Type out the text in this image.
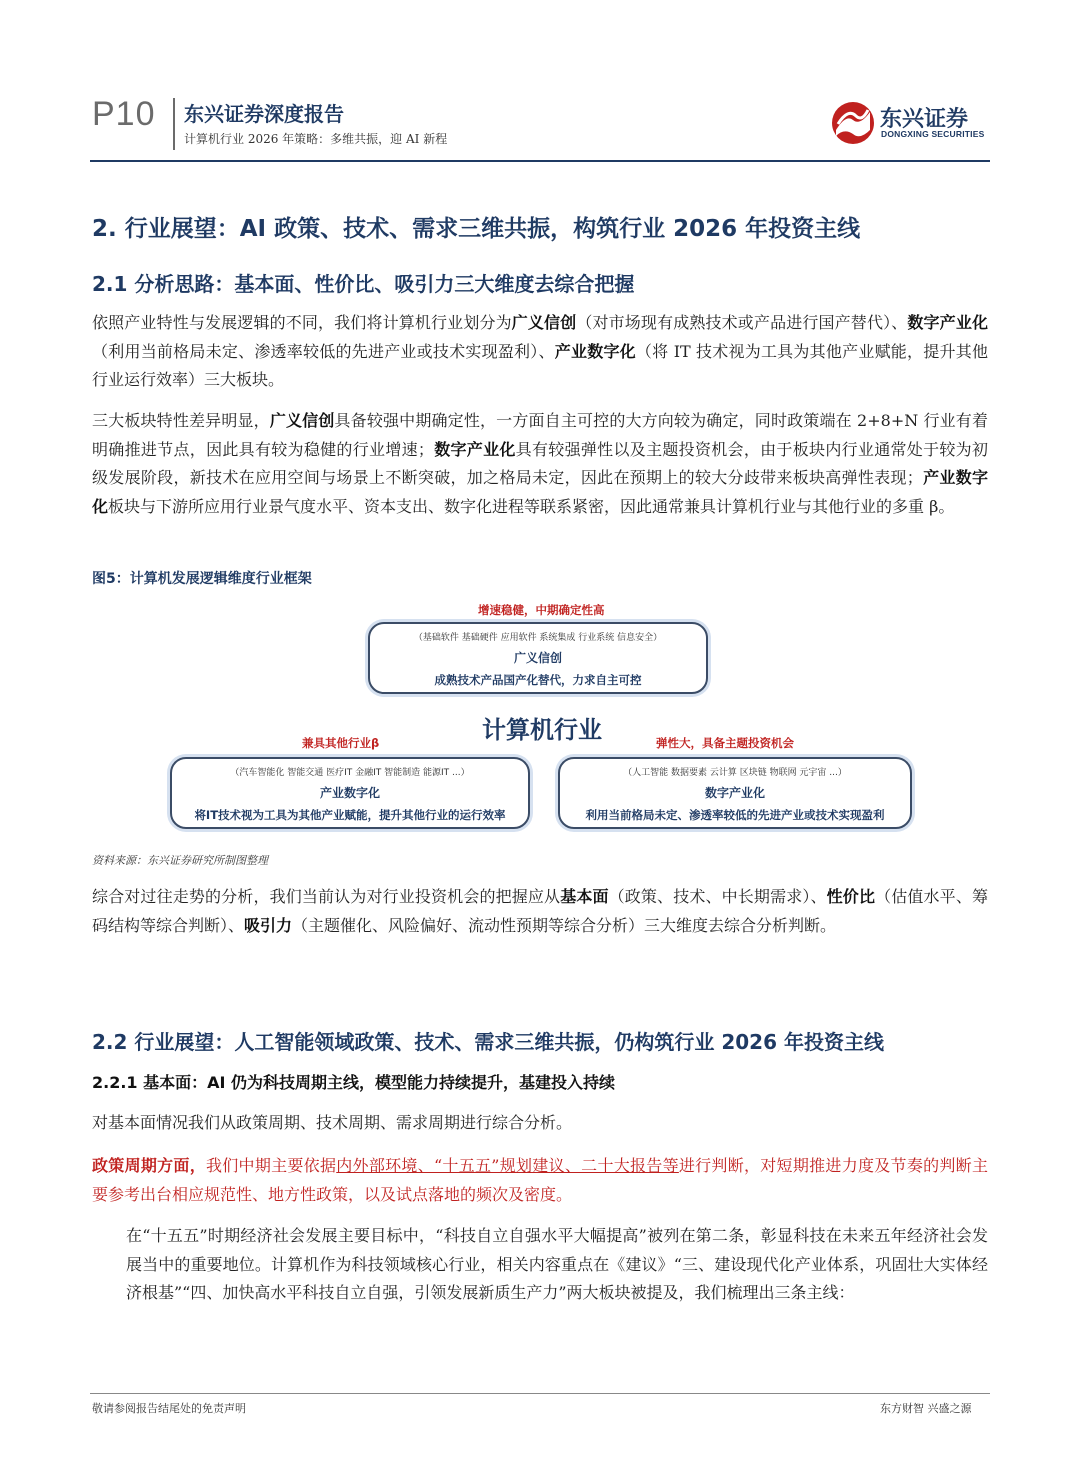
P10 东兴证券深度报告
计算机行业 2026 年策略：多维共振，迎 AI 新程
东兴证券
DONGXING SECURITIES
2. 行业展望：AI 政策、技术、需求三维共振，构筑行业 2026 年投资主线
2.1 分析思路：基本面、性价比、吸引力三大维度去综合把握
依照产业特性与发展逻辑的不同，我们将计算机行业划分为广义信创（对市场现有成熟技术或产品进行国产替代）、数字产业化（利用当前格局未定、渗透率较低的先进产业或技术实现盈利）、产业数字化（将 IT 技术视为工具为其他产业赋能，提升其他行业运行效率）三大板块。
三大板块特性差异明显，广义信创具备较强中期确定性，一方面自主可控的大方向较为确定，同时政策端在 2+8+N 行业有着明确推进节点，因此具有较为稳健的行业增速；数字产业化具有较强弹性以及主题投资机会，由于板块内行业通常处于较为初级发展阶段，新技术在应用空间与场景上不断突破，加之格局未定，因此在预期上的较大分歧带来板块高弹性表现；产业数字化板块与下游所应用行业景气度水平、资本支出、数字化进程等联系紧密，因此通常兼具计算机行业与其他行业的多重 β。
图5：计算机发展逻辑维度行业框架
增速稳健，中期确定性高
（基础软件 基础硬件 应用软件 系统集成 行业系统 信息安全）
广义信创
成熟技术产品国产化替代，力求自主可控
计算机行业
兼具其他行业β
（汽车智能化 智能交通 医疗IT 金融IT 智能制造 能源IT ...）
产业数字化
将IT技术视为工具为其他产业赋能，提升其他行业的运行效率
弹性大，具备主题投资机会
（人工智能 数据要素 云计算 区块链 物联网 元宇宙 ...）
数字产业化
利用当前格局未定、渗透率较低的先进产业或技术实现盈利
资料来源：东兴证券研究所制图整理
综合对过往走势的分析，我们当前认为对行业投资机会的把握应从基本面（政策、技术、中长期需求）、性价比（估值水平、筹码结构等综合判断）、吸引力（主题催化、风险偏好、流动性预期等综合分析）三大维度去综合分析判断。
2.2 行业展望：人工智能领域政策、技术、需求三维共振，仍构筑行业 2026 年投资主线
2.2.1 基本面：AI 仍为科技周期主线，模型能力持续提升，基建投入持续
对基本面情况我们从政策周期、技术周期、需求周期进行综合分析。
政策周期方面，我们中期主要依据内外部环境、“十五五”规划建议、二十大报告等进行判断，对短期推进力度及节奏的判断主要参考出台相应规范性、地方性政策，以及试点落地的频次及密度。
在“十五五”时期经济社会发展主要目标中，“科技自立自强水平大幅提高”被列在第二条，彰显科技在未来五年经济社会发展当中的重要地位。计算机作为科技领域核心行业，相关内容重点在《建议》“三、建设现代化产业体系，巩固壮大实体经济根基”“四、加快高水平科技自立自强，引领发展新质生产力”两大板块被提及，我们梳理出三条主线：
敬请参阅报告结尾处的免责声明	东方财智 兴盛之源
